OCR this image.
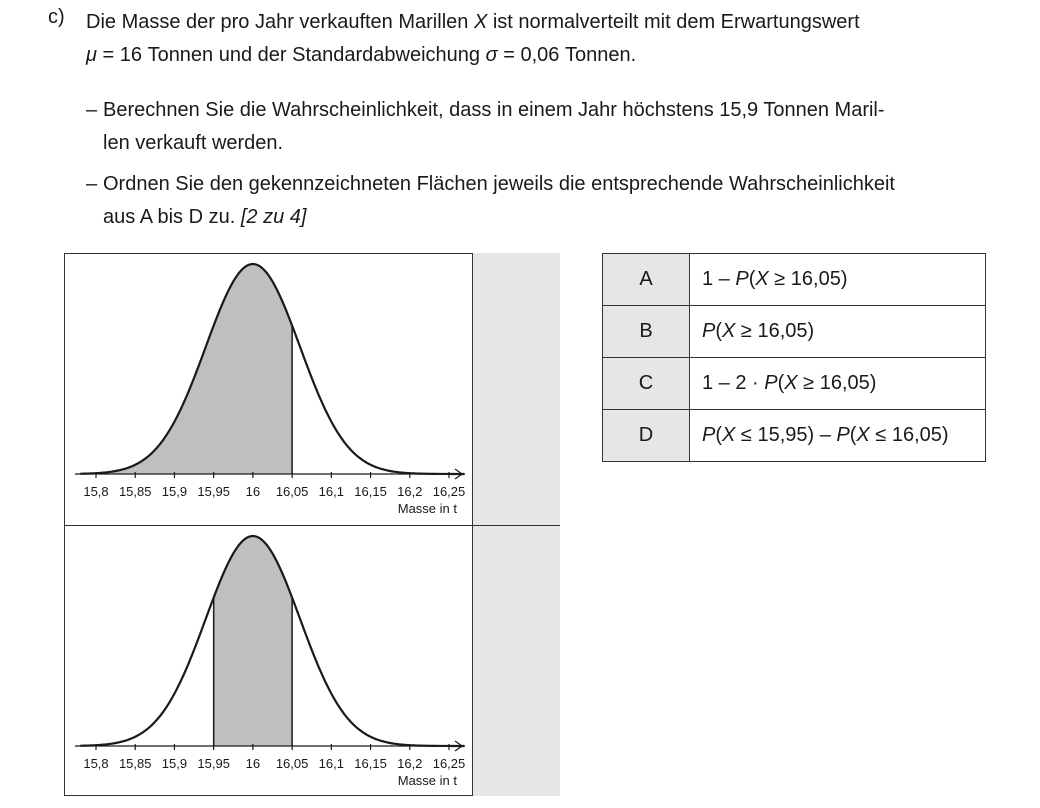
c) Die Masse der pro Jahr verkauften Marillen X ist normalverteilt mit dem Erwartungswert
μ = 16 Tonnen und der Standardabweichung σ = 0,06 Tonnen.
– Berechnen Sie die Wahrscheinlichkeit, dass in einem Jahr höchstens 15,9 Tonnen Maril-
len verkauft werden.
– Ordnen Sie den gekennzeichneten Flächen jeweils die entsprechende Wahrscheinlichkeit
aus A bis D zu. [2 zu 4]
15,8 15,85 15,9 15,95 16 16,05 16,1 16,15 16,2 16,25
Masse in t
15,8 15,85 15,9 15,95 16 16,05 16,1 16,15 16,2 16,25
Masse in t
A	1 – P(X ≥ 16,05)
B	P(X ≥ 16,05)
C	1 – 2 · P(X ≥ 16,05)
D	P(X ≤ 15,95) – P(X ≤ 16,05)
